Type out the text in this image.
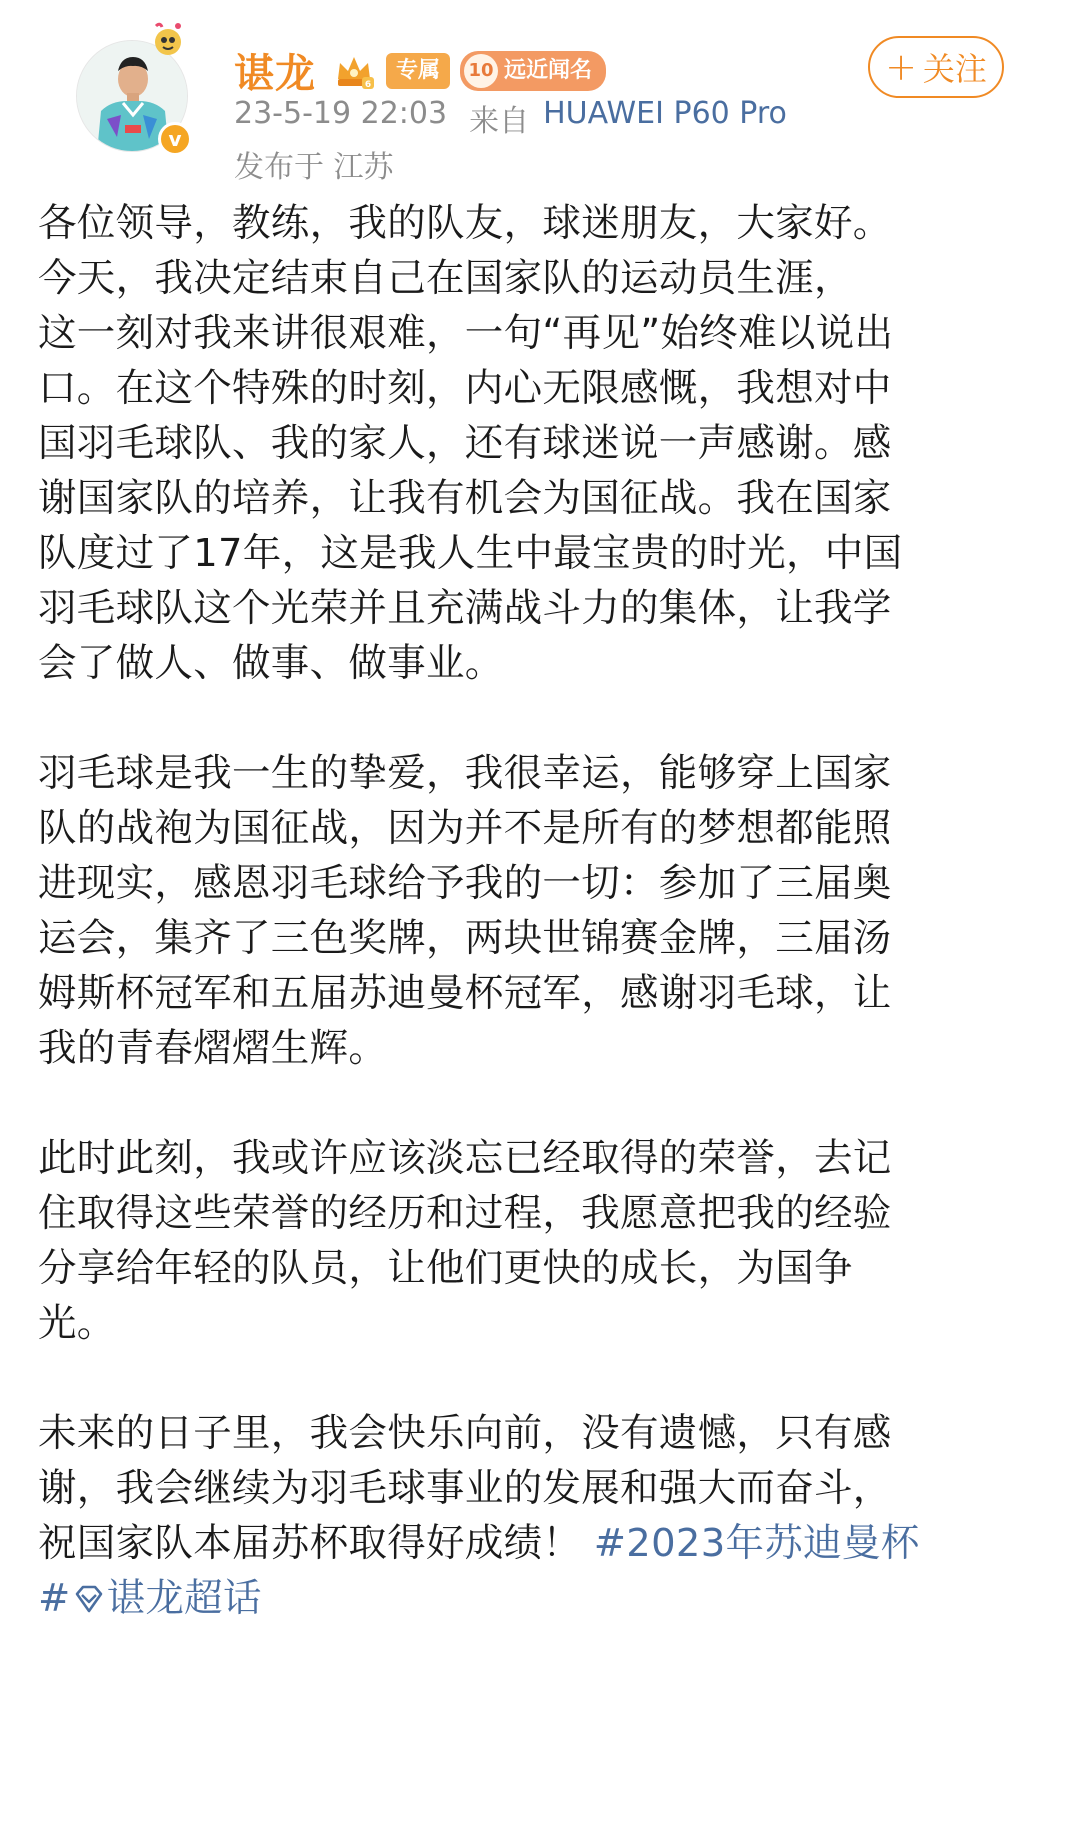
v
谌龙	6
专属	10 远近闻名
23-5-19 22:03 来自 HUAWEI P60 Pro
发布于 江苏
+ 关注
各位领导，教练，我的队友，球迷朋友，大家好。
今天，我决定结束自己在国家队的运动员生涯，
这一刻对我来讲很艰难，一句“再见”始终难以说出
口。在这个特殊的时刻，内心无限感慨，我想对中
国羽毛球队、我的家人，还有球迷说一声感谢。感
谢国家队的培养，让我有机会为国征战。我在国家
队度过了17年，这是我人生中最宝贵的时光，中国
羽毛球队这个光荣并且充满战斗力的集体，让我学
会了做人、做事、做事业。
羽毛球是我一生的挚爱，我很幸运，能够穿上国家
队的战袍为国征战，因为并不是所有的梦想都能照
进现实，感恩羽毛球给予我的一切：参加了三届奥
运会，集齐了三色奖牌，两块世锦赛金牌，三届汤
姆斯杯冠军和五届苏迪曼杯冠军，感谢羽毛球，让
我的青春熠熠生辉。
此时此刻，我或许应该淡忘已经取得的荣誉，去记
住取得这些荣誉的经历和过程，我愿意把我的经验
分享给年轻的队员，让他们更快的成长，为国争
光。
未来的日子里，我会快乐向前，没有遗憾，只有感
谢，我会继续为羽毛球事业的发展和强大而奋斗，
祝国家队本届苏杯取得好成绩！ #2023年苏迪曼杯
# 谌龙超话
